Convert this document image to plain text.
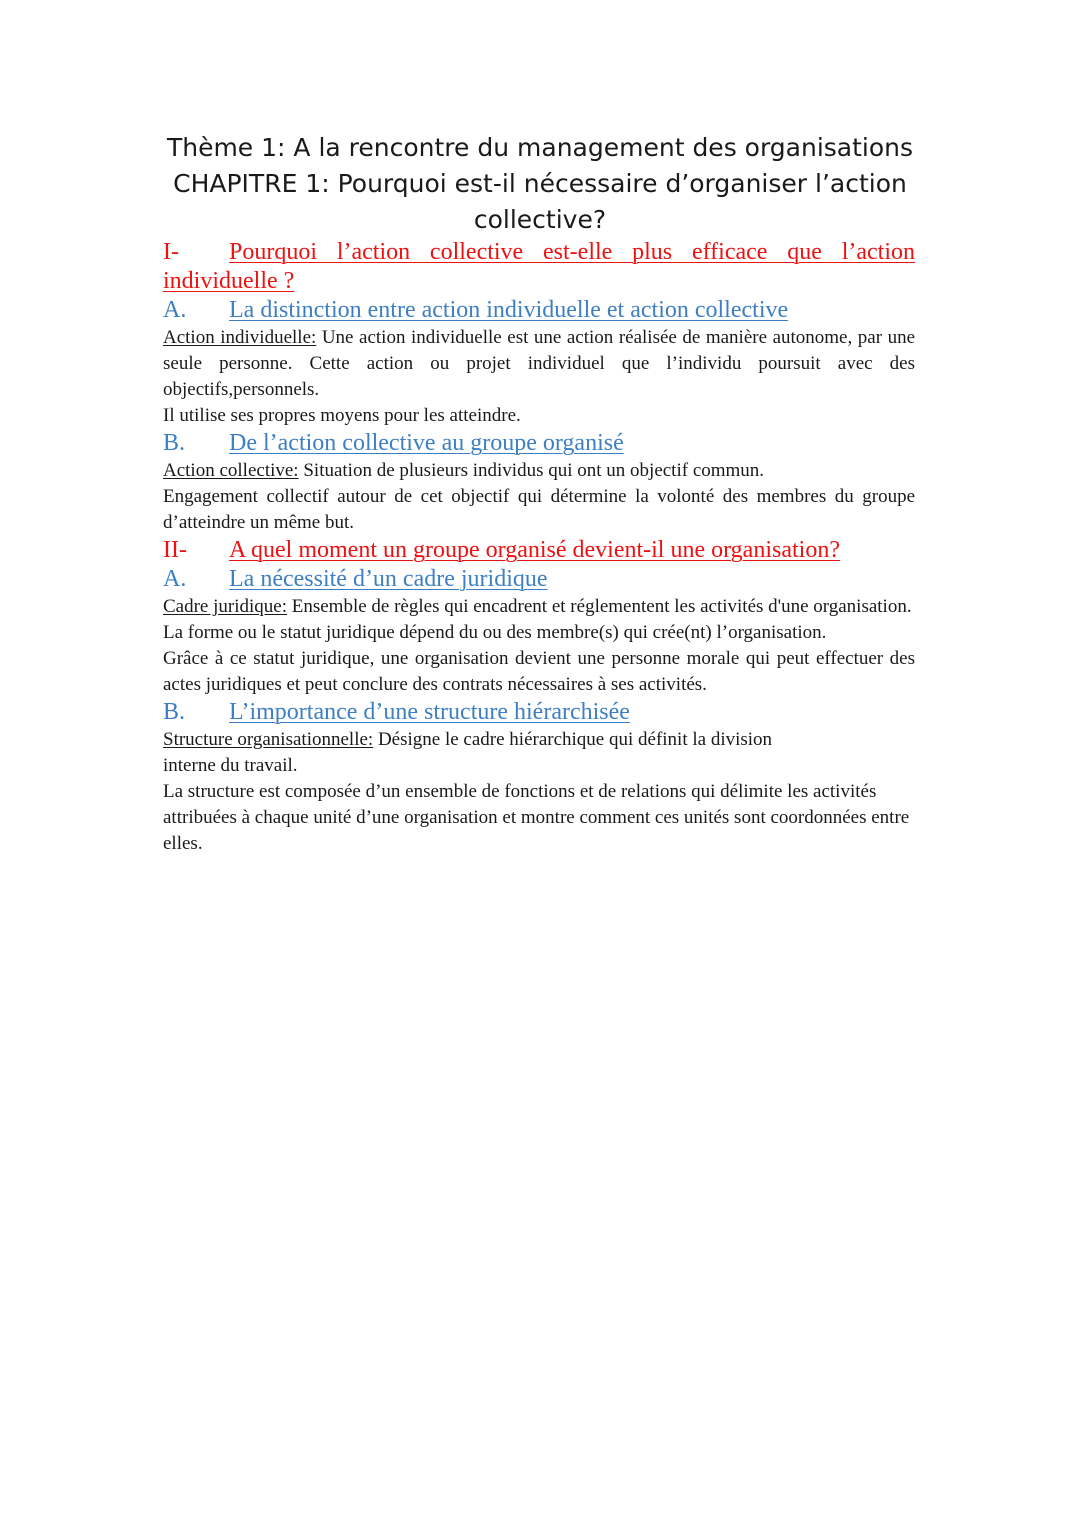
Thème 1: A la rencontre du management des organisations
CHAPITRE 1: Pourquoi est-il nécessaire d’organiser l’action
collective?
I- Pourquoi l’action collective est-elle plus efficace que l’action individuelle ?
A. La distinction entre action individuelle et action collective

Action individuelle: Une action individuelle est une action réalisée de manière autonome, par une seule personne. Cette action ou projet individuel que l’individu poursuit avec des objectifs,personnels.

Il utilise ses propres moyens pour les atteindre.

B. De l’action collective au groupe organisé

Action collective: Situation de plusieurs individus qui ont un objectif commun.

Engagement collectif autour de cet objectif qui détermine la volonté des membres du groupe d’atteindre un même but.

II- A quel moment un groupe organisé devient-il une organisation?
A. La nécessité d’un cadre juridique

Cadre juridique: Ensemble de règles qui encadrent et réglementent les activités d'une organisation.

La forme ou le statut juridique dépend du ou des membre(s) qui crée(nt) l’organisation.

Grâce à ce statut juridique, une organisation devient une personne morale qui peut effectuer des actes juridiques et peut conclure des contrats nécessaires à ses activités.

B. L’importance d’une structure hiérarchisée

Structure organisationnelle: Désigne le cadre hiérarchique qui définit la division
interne du travail.

La structure est composée d’un ensemble de fonctions et de relations qui délimite les activités attribuées à chaque unité d’une organisation et montre comment ces unités sont coordonnées entre elles.
